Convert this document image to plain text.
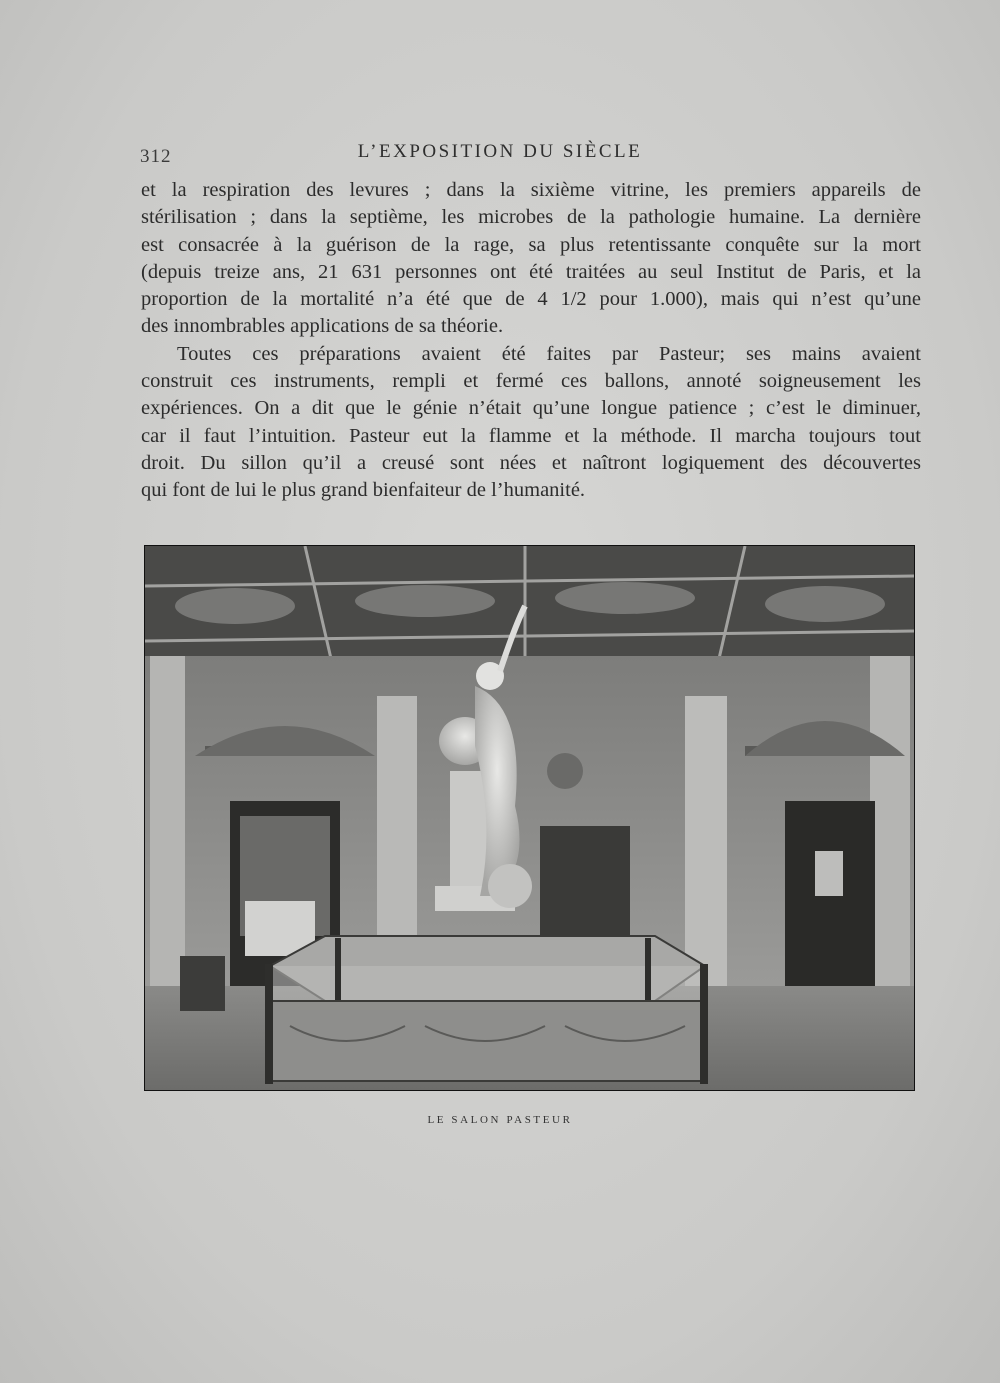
312	L’EXPOSITION DU SIÈCLE
et la respiration des levures ; dans la sixième vitrine, les premiers appareils de
stérilisation ; dans la septième, les microbes de la pathologie humaine. La dernière
est consacrée à la guérison de la rage, sa plus retentissante conquête sur la mort
(depuis treize ans, 21 631 personnes ont été traitées au seul Institut de Paris, et la
proportion de la mortalité n’a été que de 4 1/2 pour 1.000), mais qui n’est qu’une
des innombrables applications de sa théorie.
Toutes ces préparations avaient été faites par Pasteur; ses mains avaient
construit ces instruments, rempli et fermé ces ballons, annoté soigneusement les
expériences. On a dit que le génie n’était qu’une longue patience ; c’est le diminuer,
car il faut l’intuition. Pasteur eut la flamme et la méthode. Il marcha toujours tout
droit. Du sillon qu’il a creusé sont nées et naîtront logiquement des découvertes
qui font de lui le plus grand bienfaiteur de l’humanité.
LE SALON PASTEUR
